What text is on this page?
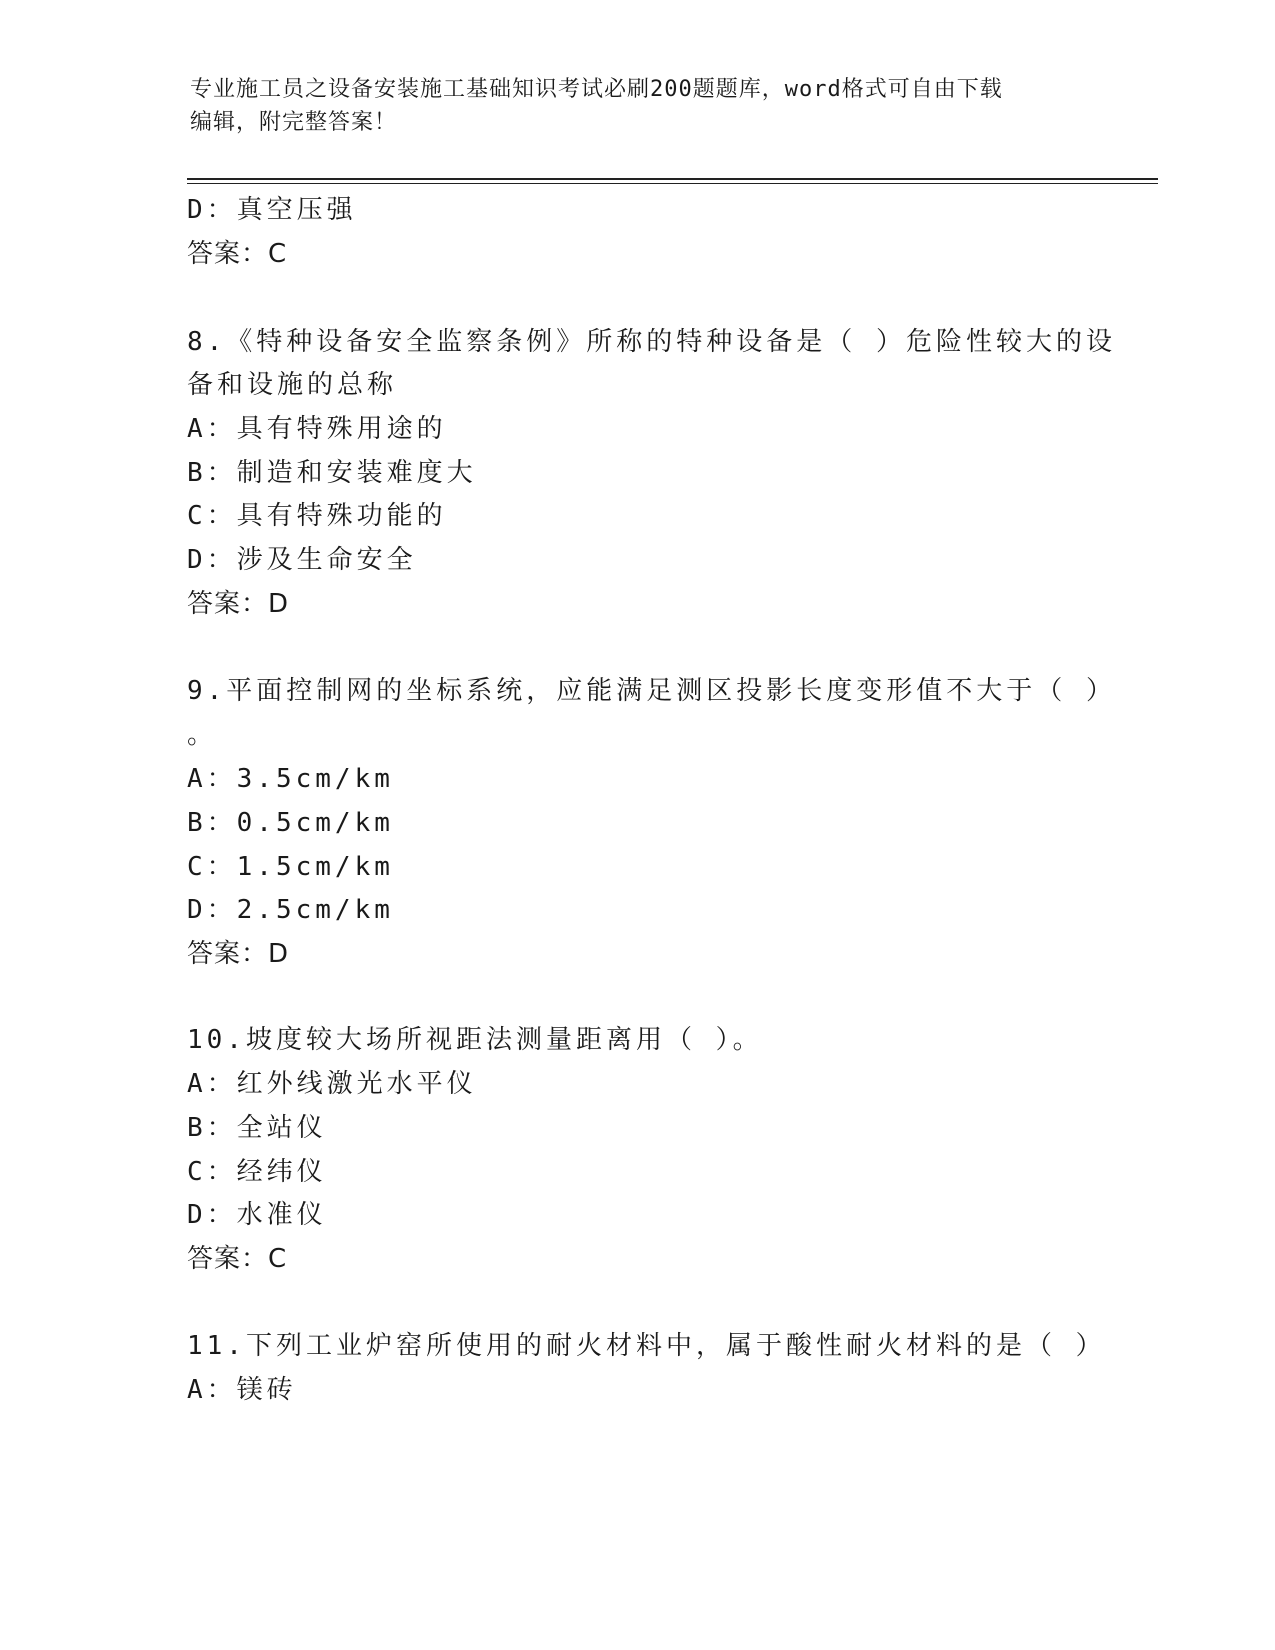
专业施工员之设备安装施工基础知识考试必刷200题题库，word格式可自由下载
编辑，附完整答案！
D：真空压强
答案：C
8.《特种设备安全监察条例》所称的特种设备是（ ）危险性较大的设
备和设施的总称
A：具有特殊用途的
B：制造和安装难度大
C：具有特殊功能的
D：涉及生命安全
答案：D
9.平面控制网的坐标系统，应能满足测区投影长度变形值不大于（ ）
。
A：3.5cm/km
B：0.5cm/km
C：1.5cm/km
D：2.5cm/km
答案：D
10.坡度较大场所视距法测量距离用（ ）。
A：红外线激光水平仪
B：全站仪
C：经纬仪
D：水准仪
答案：C
11.下列工业炉窑所使用的耐火材料中，属于酸性耐火材料的是（ ）
A：镁砖
